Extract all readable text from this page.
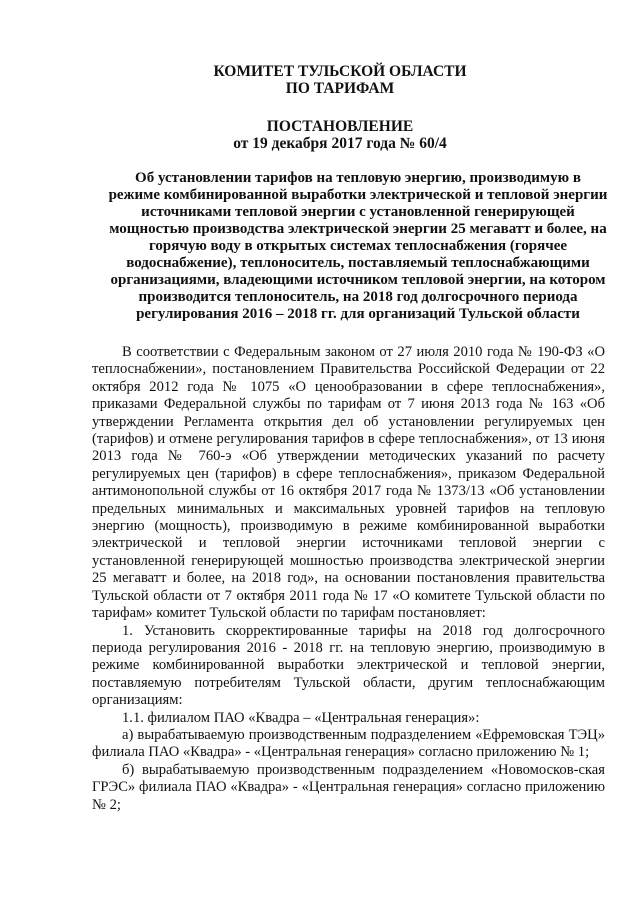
КОМИТЕТ ТУЛЬСКОЙ ОБЛАСТИ
ПО ТАРИФАМ
ПОСТАНОВЛЕНИЕ
от 19 декабря 2017 года № 60/4
Об установлении тарифов на тепловую энергию, производимую в
режиме комбинированной выработки электрической и тепловой энергии
источниками тепловой энергии с установленной генерирующей
мощностью производства электрической энергии 25 мегаватт и более, на
горячую воду в открытых системах теплоснабжения (горячее
водоснабжение), теплоноситель, поставляемый теплоснабжающими
организациями, владеющими источником тепловой энергии, на котором
производится теплоноситель, на 2018 год долгосрочного периода
регулирования 2016 – 2018 гг. для организаций Тульской области

В соответствии с Федеральным законом от 27 июля 2010 года № 190-ФЗ «О теплоснабжении», постановлением Правительства Российской Федерации от 22 октября 2012 года № 1075 «О ценообразовании в сфере теплоснабжения», приказами Федеральной службы по тарифам от 7 июня 2013 года № 163 «Об утверждении Регламента открытия дел об установлении регулируемых цен (тарифов) и отмене регулирования тарифов в сфере теплоснабжения», от 13 июня 2013 года № 760-э «Об утверждении методических указаний по расчету регулируемых цен (тарифов) в сфере теплоснабжения», приказом Федеральной антимонопольной службы от 16 октября 2017 года № 1373/13 «Об установлении предельных минимальных и максимальных уровней тарифов на тепловую энергию (мощность), производимую в режиме комбинированной выработки электрической и тепловой энергии источниками тепловой энергии с установленной генерирующей мошностью производства электрической энергии 25 мегаватт и более, на 2018 год», на основании постановления правительства Тульской области от 7 октября 2011 года № 17 «О комитете Тульской области по тарифам» комитет Тульской области по тарифам постановляет:

1. Установить скорректированные тарифы на 2018 год долгосрочного периода регулирования 2016 - 2018 гг. на тепловую энергию, производимую в режиме комбинированной выработки электрической и тепловой энергии, поставляемую потребителям Тульской области, другим теплоснабжающим организациям:

1.1. филиалом ПАО «Квадра – «Центральная генерация»:

а) вырабатываемую производственным подразделением «Ефремовская ТЭЦ» филиала ПАО «Квадра» - «Центральная генерация» согласно приложению № 1;

б) вырабатываемую производственным подразделением «Новомосков-ская ГРЭС» филиала ПАО «Квадра» - «Центральная генерация» согласно приложению № 2;
